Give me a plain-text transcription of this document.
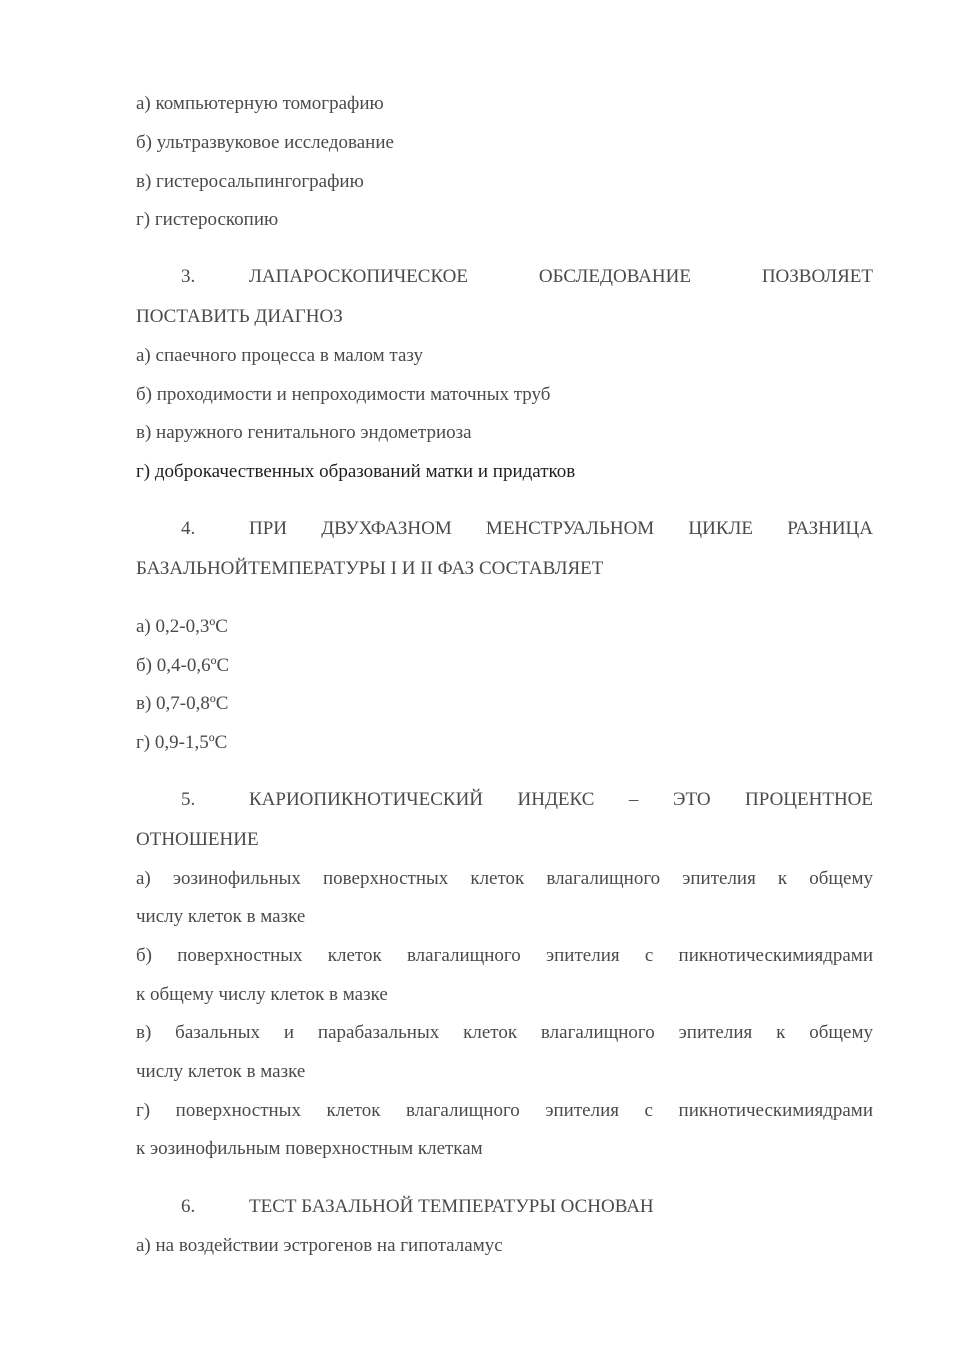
а) компьютерную томографию
б) ультразвуковое исследование
в) гистеросальпингографию
г) гистероскопию
3.	ЛАПАРОСКОПИЧЕСКОЕ ОБСЛЕДОВАНИЕ ПОЗВОЛЯЕТ
ПОСТАВИТЬ ДИАГНОЗ
а) спаечного процесса в малом тазу
б) проходимости и непроходимости маточных труб
в) наружного генитального эндометриоза
г) доброкачественных образований матки и придатков
4.	ПРИ ДВУХФАЗНОМ МЕНСТРУАЛЬНОМ ЦИКЛЕ РАЗНИЦА
БАЗАЛЬНОЙТЕМПЕРАТУРЫ I И II ФАЗ СОСТАВЛЯЕТ
а) 0,2-0,3ºС
б) 0,4-0,6ºС
в) 0,7-0,8ºС
г) 0,9-1,5ºС
5.	КАРИОПИКНОТИЧЕСКИЙ ИНДЕКС – ЭТО ПРОЦЕНТНОЕ
ОТНОШЕНИЕ
а) эозинофильных поверхностных клеток влагалищного эпителия к общему
числу клеток в мазке
б) поверхностных клеток влагалищного эпителия с пикнотическимиядрами
к общему числу клеток в мазке
в) базальных и парабазальных клеток влагалищного эпителия к общему
числу клеток в мазке
г) поверхностных клеток влагалищного эпителия с пикнотическимиядрами
к эозинофильным поверхностным клеткам
6.	ТЕСТ БАЗАЛЬНОЙ ТЕМПЕРАТУРЫ ОСНОВАН
а) на воздействии эстрогенов на гипоталамус
